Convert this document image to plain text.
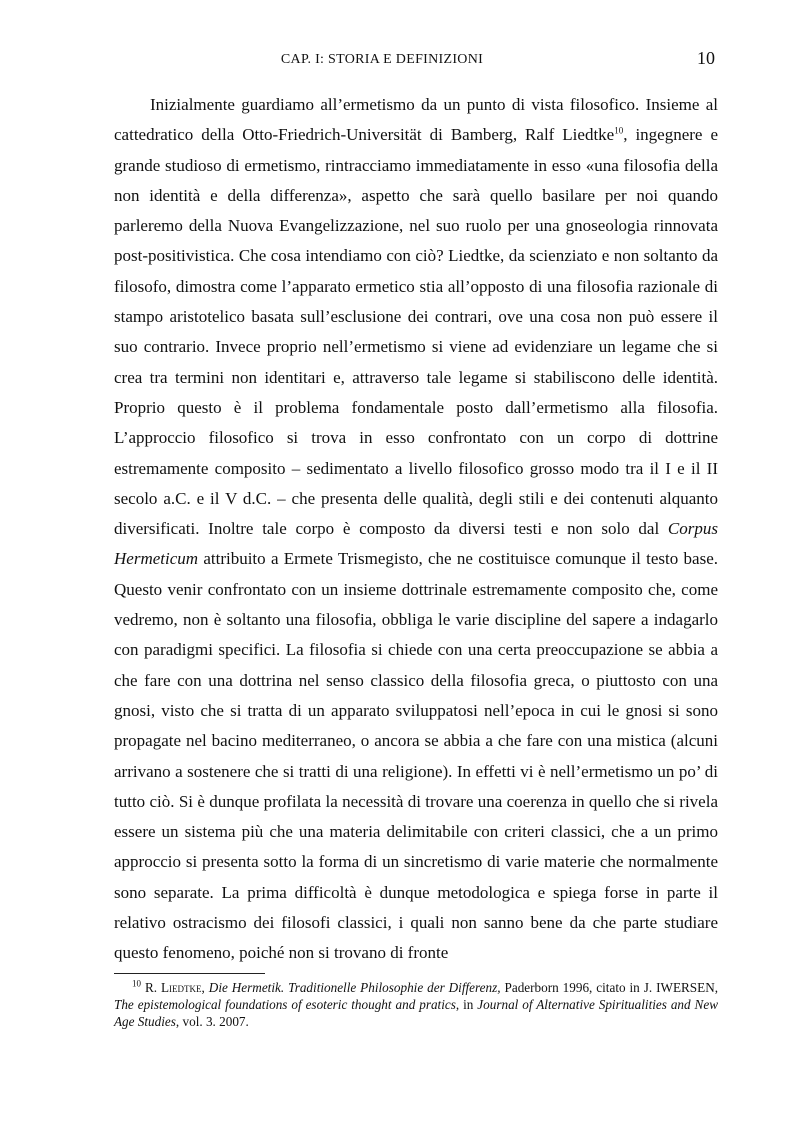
CAP. I: STORIA E DEFINIZIONI	10

Inizialmente guardiamo all’ermetismo da un punto di vista filosofico. Insieme al cattedratico della Otto-Friedrich-Universität di Bamberg, Ralf Liedtke$^{10}$, ingegnere e grande studioso di ermetismo, rintracciamo immediatamente in esso «una filosofia della non identità e della differenza», aspetto che sarà quello basilare per noi quando parleremo della Nuova Evangelizzazione, nel suo ruolo per una gnoseologia rinnovata post-positivistica. Che cosa intendiamo con ciò? Liedtke, da scienziato e non soltanto da filosofo, dimostra come l’apparato ermetico stia all’opposto di una filosofia razionale di stampo aristotelico basata sull’esclusione dei contrari, ove una cosa non può essere il suo contrario. Invece proprio nell’ermetismo si viene ad evidenziare un legame che si crea tra termini non identitari e, attraverso tale legame si stabiliscono delle identità. Proprio questo è il problema fondamentale posto dall’ermetismo alla filosofia. L’approccio filosofico si trova in esso confrontato con un corpo di dottrine estremamente composito – sedimentato a livello filosofico grosso modo tra il I e il II secolo a.C. e il V d.C. – che presenta delle qualità, degli stili e dei contenuti alquanto diversificati. Inoltre tale corpo è composto da diversi testi e non solo dal Corpus Hermeticum attribuito a Ermete Trismegisto, che ne costituisce comunque il testo base. Questo venir confrontato con un insieme dottrinale estremamente composito che, come vedremo, non è soltanto una filosofia, obbliga le varie discipline del sapere a indagarlo con paradigmi specifici. La filosofia si chiede con una certa preoccupazione se abbia a che fare con una dottrina nel senso classico della filosofia greca, o piuttosto con una gnosi, visto che si tratta di un apparato sviluppatosi nell’epoca in cui le gnosi si sono propagate nel bacino mediterraneo, o ancora se abbia a che fare con una mistica (alcuni arrivano a sostenere che si tratti di una religione). In effetti vi è nell’ermetismo un po’ di tutto ciò. Si è dunque profilata la necessità di trovare una coerenza in quello che si rivela essere un sistema più che una materia delimitabile con criteri classici, che a un primo approccio si presenta sotto la forma di un sincretismo di varie materie che normalmente sono separate. La prima difficoltà è dunque metodologica e spiega forse in parte il relativo ostracismo dei filosofi classici, i quali non sanno bene da che parte studiare questo fenomeno, poiché non si trovano di fronte

$^{10}$ R. Liedtke, Die Hermetik. Traditionelle Philosophie der Differenz, Paderborn 1996, citato in J. IWERSEN, The epistemological foundations of esoteric thought and pratics, in Journal of Alternative Spiritualities and New Age Studies, vol. 3. 2007.
